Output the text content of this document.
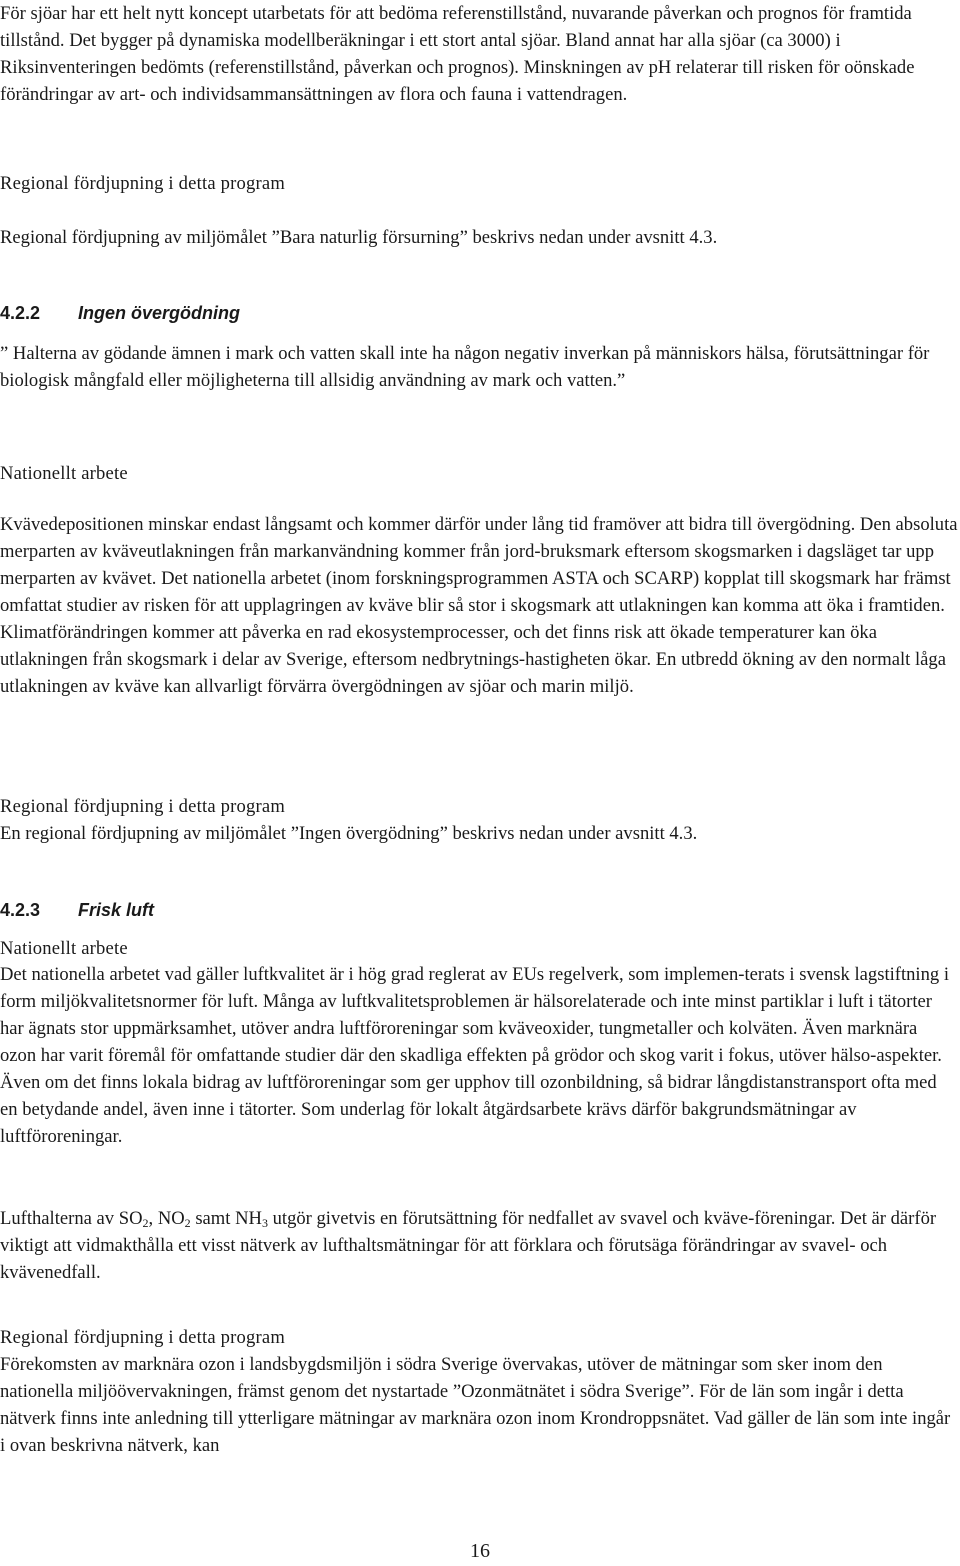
För sjöar har ett helt nytt koncept utarbetats för att bedöma referenstillstånd, nuvarande påverkan och prognos för framtida tillstånd. Det bygger på dynamiska modellberäkningar i ett stort antal sjöar. Bland annat har alla sjöar (ca 3000) i Riksinventeringen bedömts (referenstillstånd, påverkan och prognos). Minskningen av pH relaterar till risken för oönskade förändringar av art- och individsammansättningen av flora och fauna i vattendragen.

Regional fördjupning i detta program

Regional fördjupning av miljömålet ”Bara naturlig försurning” beskrivs nedan under avsnitt 4.3.

4.2.2 Ingen övergödning

” Halterna av gödande ämnen i mark och vatten skall inte ha någon negativ inverkan på människors hälsa, förutsättningar för biologisk mångfald eller möjligheterna till allsidig användning av mark och vatten.”

Nationellt arbete

Kvävedepositionen minskar endast långsamt och kommer därför under lång tid framöver att bidra till övergödning. Den absoluta merparten av kväveutlakningen från markanvändning kommer från jord-bruksmark eftersom skogsmarken i dagsläget tar upp merparten av kvävet. Det nationella arbetet (inom forskningsprogrammen ASTA och SCARP) kopplat till skogsmark har främst omfattat studier av risken för att upplagringen av kväve blir så stor i skogsmark att utlakningen kan komma att öka i framtiden. Klimatförändringen kommer att påverka en rad ekosystemprocesser, och det finns risk att ökade temperaturer kan öka utlakningen från skogsmark i delar av Sverige, eftersom nedbrytnings-hastigheten ökar. En utbredd ökning av den normalt låga utlakningen av kväve kan allvarligt förvärra övergödningen av sjöar och marin miljö.

Regional fördjupning i detta program

En regional fördjupning av miljömålet ”Ingen övergödning” beskrivs nedan under avsnitt 4.3.

4.2.3 Frisk luft

Nationellt arbete

Det nationella arbetet vad gäller luftkvalitet är i hög grad reglerat av EUs regelverk, som implemen-terats i svensk lagstiftning i form miljökvalitetsnormer för luft. Många av luftkvalitetsproblemen är hälsorelaterade och inte minst partiklar i luft i tätorter har ägnats stor uppmärksamhet, utöver andra luftföroreningar som kväveoxider, tungmetaller och kolväten. Även marknära ozon har varit föremål för omfattande studier där den skadliga effekten på grödor och skog varit i fokus, utöver hälso-aspekter. Även om det finns lokala bidrag av luftföroreningar som ger upphov till ozonbildning, så bidrar långdistanstransport ofta med en betydande andel, även inne i tätorter. Som underlag för lokalt åtgärdsarbete krävs därför bakgrundsmätningar av luftföroreningar.

Lufthalterna av $SO_2$, $NO_2$ samt $NH_3$ utgör givetvis en förutsättning för nedfallet av svavel och kväve-föreningar. Det är därför viktigt att vidmakthålla ett visst nätverk av lufthaltsmätningar för att förklara och förutsäga förändringar av svavel- och kvävenedfall.

Regional fördjupning i detta program

Förekomsten av marknära ozon i landsbygdsmiljön i södra Sverige övervakas, utöver de mätningar som sker inom den nationella miljöövervakningen, främst genom det nystartade ”Ozonmätnätet i södra Sverige”. För de län som ingår i detta nätverk finns inte anledning till ytterligare mätningar av marknära ozon inom Krondroppsnätet. Vad gäller de län som inte ingår i ovan beskrivna nätverk, kan

16
